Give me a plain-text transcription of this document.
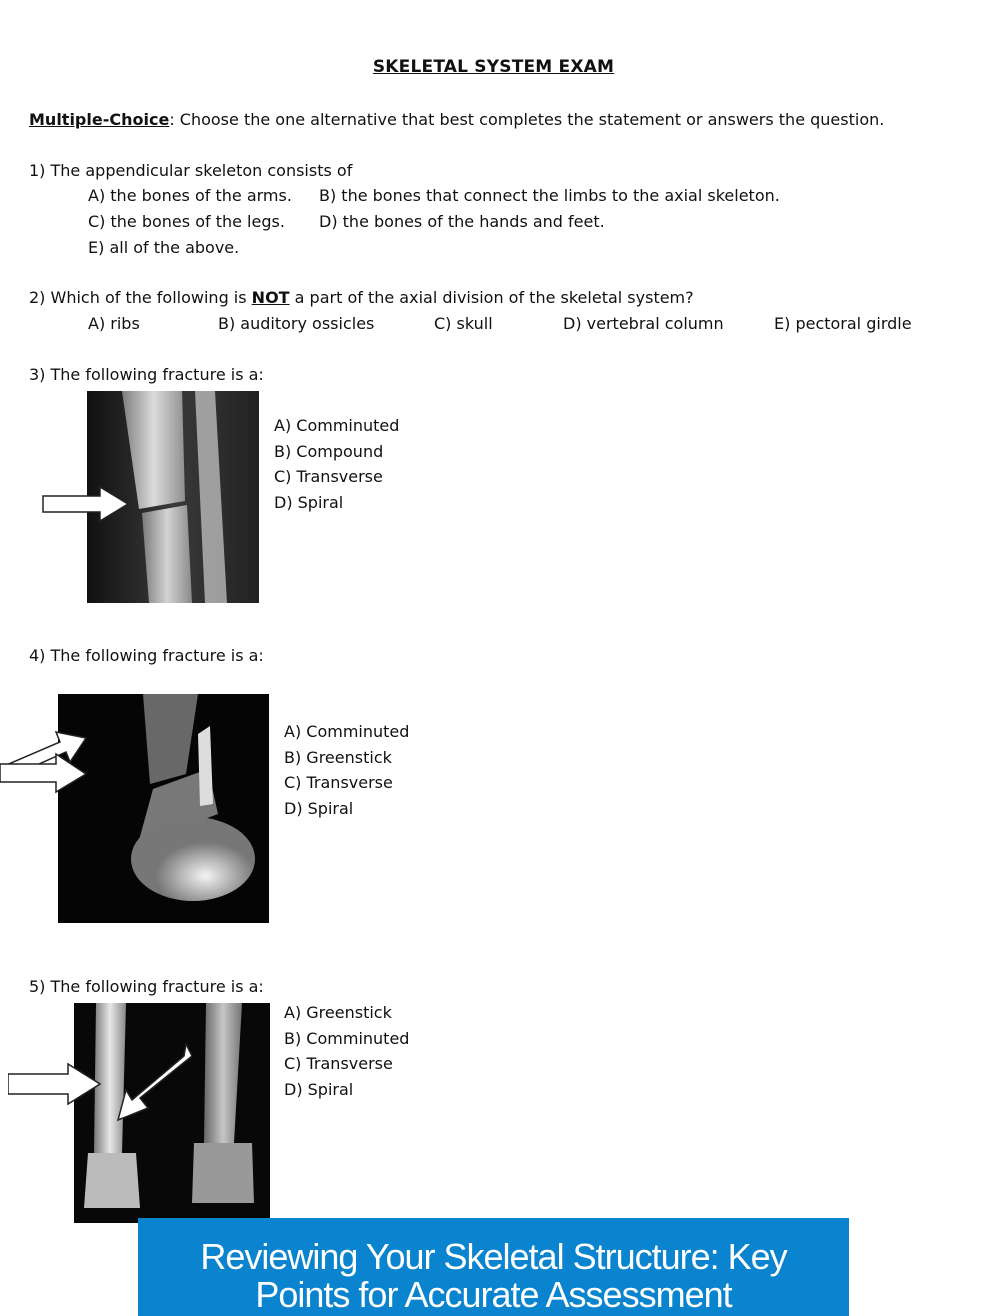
SKELETAL SYSTEM EXAM
Multiple-Choice: Choose the one alternative that best completes the statement or answers the question.
1) The appendicular skeleton consists of
A) the bones of the arms. B) the bones that connect the limbs to the axial skeleton.
C) the bones of the legs. D) the bones of the hands and feet.
E) all of the above.
2) Which of the following is NOT a part of the axial division of the skeletal system?
A) ribs	B) auditory ossicles	C) skull	D) vertebral column	E) pectoral girdle
3) The following fracture is a:
A) Comminuted
B) Compound
C) Transverse
D) Spiral
4) The following fracture is a:
A) Comminuted
B) Greenstick
C) Transverse
D) Spiral
5) The following fracture is a:
A) Greenstick
B) Comminuted
C) Transverse
D) Spiral
Reviewing Your Skeletal Structure: Key
Points for Accurate Assessment
